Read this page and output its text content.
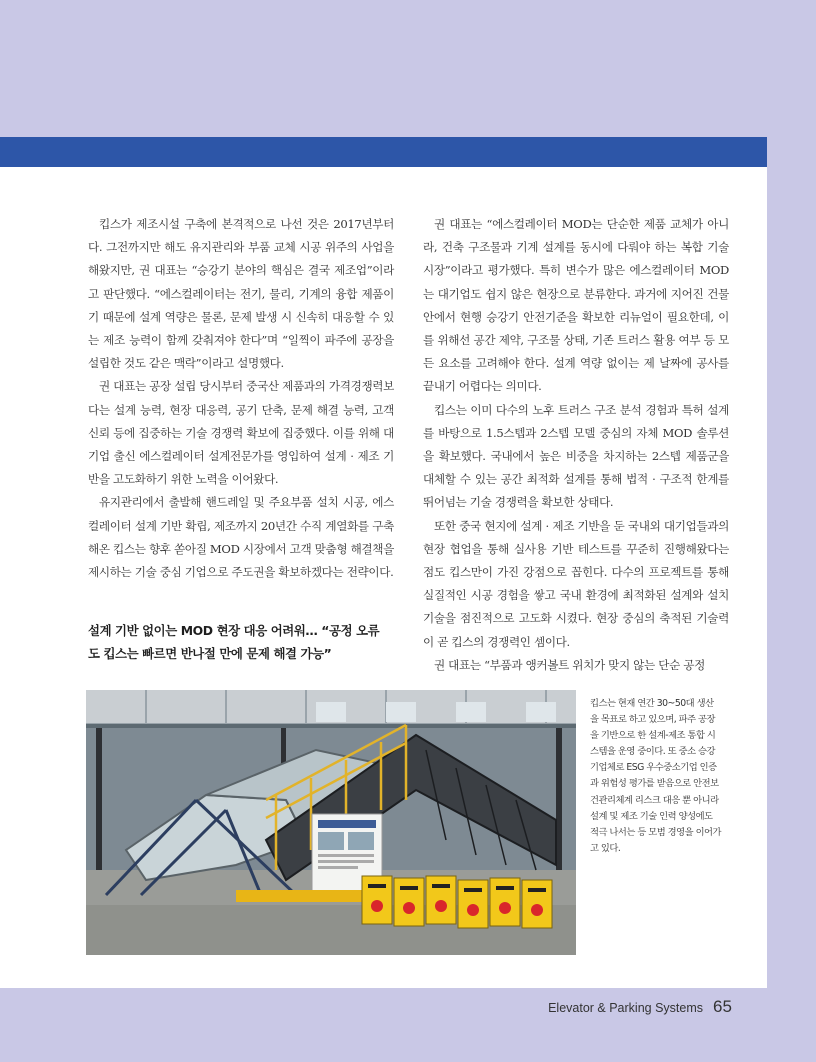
킵스가 제조시설 구축에 본격적으로 나선 것은 2017년부터다. 그전까지만 해도 유지관리와 부품 교체 시공 위주의 사업을 해왔지만, 권 대표는 “승강기 분야의 핵심은 결국 제조업”이라고 판단했다. “에스컬레이터는 전기, 물리, 기계의 융합 제품이기 때문에 설계 역량은 물론, 문제 발생 시 신속히 대응할 수 있는 제조 능력이 함께 갖춰져야 한다”며 “일찍이 파주에 공장을 설립한 것도 같은 맥락”이라고 설명했다.

권 대표는 공장 설립 당시부터 중국산 제품과의 가격경쟁력보다는 설계 능력, 현장 대응력, 공기 단축, 문제 해결 능력, 고객 신뢰 등에 집중하는 기술 경쟁력 확보에 집중했다. 이를 위해 대기업 출신 에스컬레이터 설계전문가를 영입하여 설계 · 제조 기반을 고도화하기 위한 노력을 이어왔다.

유지관리에서 출발해 핸드레일 및 주요부품 설치 시공, 에스컬레이터 설계 기반 확립, 제조까지 20년간 수직 계열화를 구축해온 킵스는 향후 쏟아질 MOD 시장에서 고객 맞춤형 해결책을 제시하는 기술 중심 기업으로 주도권을 확보하겠다는 전략이다.

설계 기반 없이는 MOD 현장 대응 어려워… “공정 오류
도 킵스는 빠르면 반나절 만에 문제 해결 가능”

권 대표는 “에스컬레이터 MOD는 단순한 제품 교체가 아니라, 건축 구조물과 기계 설계를 동시에 다뤄야 하는 복합 기술 시장”이라고 평가했다. 특히 변수가 많은 에스컬레이터 MOD는 대기업도 쉽지 않은 현장으로 분류한다. 과거에 지어진 건물 안에서 현행 승강기 안전기준을 확보한 리뉴얼이 필요한데, 이를 위해선 공간 제약, 구조물 상태, 기존 트러스 활용 여부 등 모든 요소를 고려해야 한다. 설계 역량 없이는 제 날짜에 공사를 끝내기 어렵다는 의미다.

킵스는 이미 다수의 노후 트러스 구조 분석 경험과 특허 설계를 바탕으로 1.5스텝과 2스텝 모델 중심의 자체 MOD 솔루션을 확보했다. 국내에서 높은 비중을 차지하는 2스텝 제품군을 대체할 수 있는 공간 최적화 설계를 통해 법적 · 구조적 한계를 뛰어넘는 기술 경쟁력을 확보한 상태다.

또한 중국 현지에 설계 · 제조 기반을 둔 국내외 대기업들과의 현장 협업을 통해 실사용 기반 테스트를 꾸준히 진행해왔다는 점도 킵스만이 가진 강점으로 꼽힌다. 다수의 프로젝트를 통해 실질적인 시공 경험을 쌓고 국내 환경에 최적화된 설계와 설치 기술을 점진적으로 고도화 시켰다. 현장 중심의 축적된 기술력이 곧 킵스의 경쟁력인 셈이다.

권 대표는 “부품과 앵커볼트 위치가 맞지 않는 단순 공정

킵스는 현재 연간 30~50대 생산을 목표로 하고 있으며, 파주 공장을 기반으로 한 설계-제조 통합 시스템을 운영 중이다. 또 중소 승강기업체로 ESG 우수중소기업 인증과 위험성 평가를 받음으로 안전보건관리체계 리스크 대응 뿐 아니라 설계 및 제조 기술 인력 양성에도 적극 나서는 등 모범 경영을 이어가고 있다.
Elevator & Parking Systems 65
